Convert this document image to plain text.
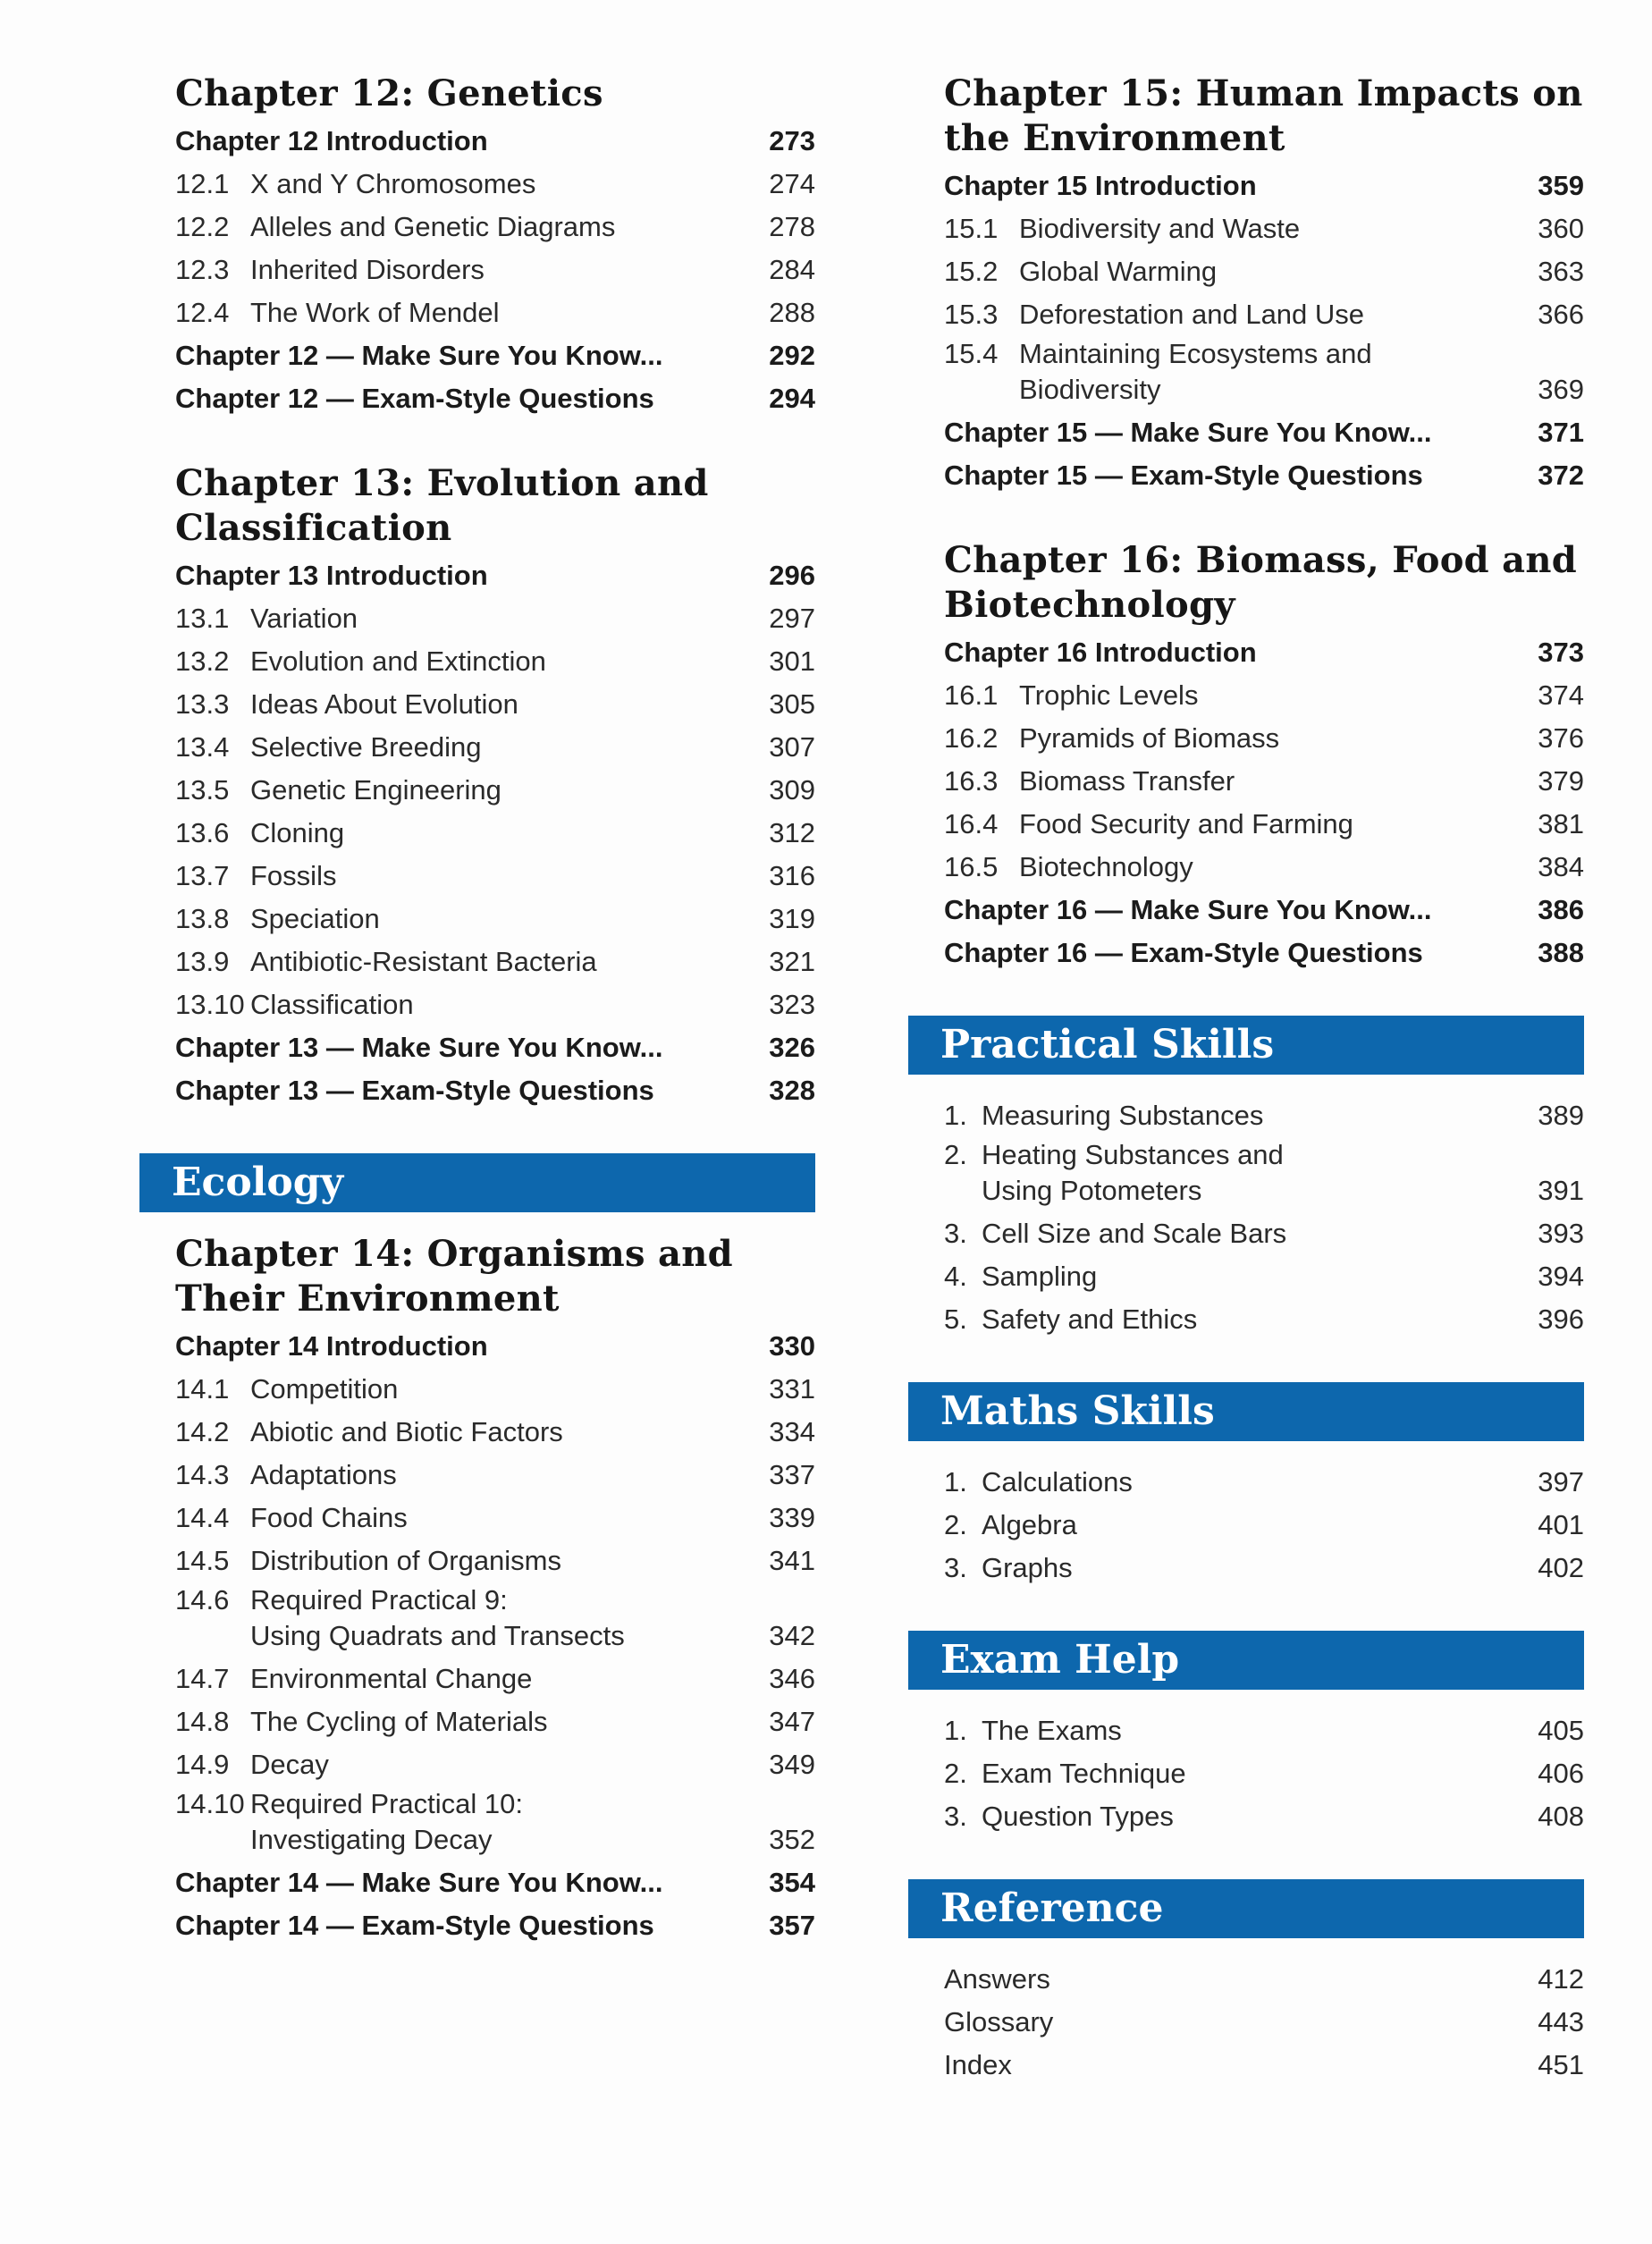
Chapter 12: Genetics
Chapter 12 Introduction	273
12.1 X and Y Chromosomes	274
12.2 Alleles and Genetic Diagrams	278
12.3 Inherited Disorders	284
12.4 The Work of Mendel	288
Chapter 12 — Make Sure You Know...	292
Chapter 12 — Exam-Style Questions	294
Chapter 13: Evolution and
Classification
Chapter 13 Introduction	296
13.1 Variation	297
13.2 Evolution and Extinction	301
13.3 Ideas About Evolution	305
13.4 Selective Breeding	307
13.5 Genetic Engineering	309
13.6 Cloning	312
13.7 Fossils	316
13.8 Speciation	319
13.9 Antibiotic-Resistant Bacteria	321
13.10 Classification	323
Chapter 13 — Make Sure You Know...	326
Chapter 13 — Exam-Style Questions	328
Ecology
Chapter 14: Organisms and
Their Environment
Chapter 14 Introduction	330
14.1 Competition	331
14.2 Abiotic and Biotic Factors	334
14.3 Adaptations	337
14.4 Food Chains	339
14.5 Distribution of Organisms	341
14.6 Required Practical 9:
Using Quadrats and Transects	342
14.7 Environmental Change	346
14.8 The Cycling of Materials	347
14.9 Decay	349
14.10 Required Practical 10:
Investigating Decay	352
Chapter 14 — Make Sure You Know...	354
Chapter 14 — Exam-Style Questions	357
Chapter 15: Human Impacts on
the Environment
Chapter 15 Introduction	359
15.1 Biodiversity and Waste	360
15.2 Global Warming	363
15.3 Deforestation and Land Use	366
15.4 Maintaining Ecosystems and
Biodiversity	369
Chapter 15 — Make Sure You Know...	371
Chapter 15 — Exam-Style Questions	372
Chapter 16: Biomass, Food and
Biotechnology
Chapter 16 Introduction	373
16.1 Trophic Levels	374
16.2 Pyramids of Biomass	376
16.3 Biomass Transfer	379
16.4 Food Security and Farming	381
16.5 Biotechnology	384
Chapter 16 — Make Sure You Know...	386
Chapter 16 — Exam-Style Questions	388
Practical Skills
1. Measuring Substances	389
2. Heating Substances and
Using Potometers	391
3. Cell Size and Scale Bars	393
4. Sampling	394
5. Safety and Ethics	396
Maths Skills
1. Calculations	397
2. Algebra	401
3. Graphs	402
Exam Help
1. The Exams	405
2. Exam Technique	406
3. Question Types	408
Reference
Answers	412
Glossary	443
Index	451
